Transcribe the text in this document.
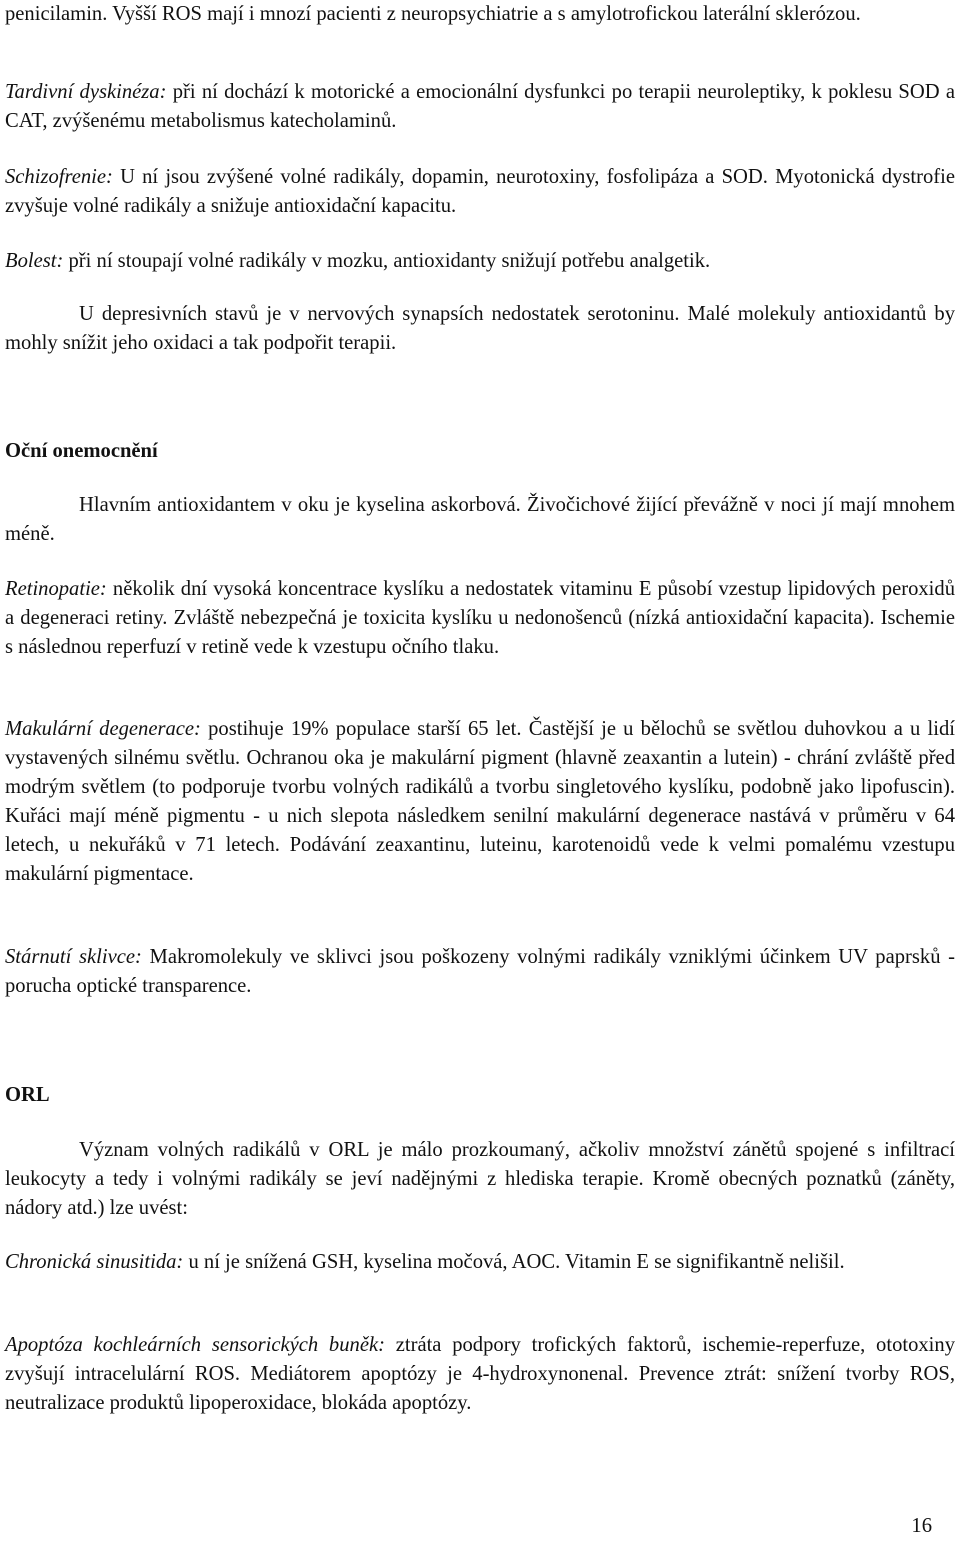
penicilamin. Vyšší ROS mají i mnozí pacienti z neuropsychiatrie a s amylotrofickou laterální sklerózou.

Tardivní dyskinéza: při ní dochází k motorické a emocionální dysfunkci po terapii neuroleptiky, k poklesu SOD a CAT, zvýšenému metabolismus katecholaminů.

Schizofrenie: U ní jsou zvýšené volné radikály, dopamin, neurotoxiny, fosfolipáza a SOD. Myotonická dystrofie zvyšuje volné radikály a snižuje antioxidační kapacitu.

Bolest: při ní stoupají volné radikály v mozku, antioxidanty snižují potřebu analgetik.

U depresivních stavů je v nervových synapsích nedostatek serotoninu. Malé molekuly antioxidantů by mohly snížit jeho oxidaci a tak podpořit terapii.

Oční onemocnění

Hlavním antioxidantem v oku je kyselina askorbová. Živočichové žijící převážně v noci jí mají mnohem méně.

Retinopatie: několik dní vysoká koncentrace kyslíku a nedostatek vitaminu E působí vzestup lipidových peroxidů a degeneraci retiny. Zvláště nebezpečná je toxicita kyslíku u nedonošenců (nízká antioxidační kapacita). Ischemie s následnou reperfuzí v retině vede k vzestupu očního tlaku.

Makulární degenerace: postihuje 19% populace starší 65 let. Častější je u bělochů se světlou duhovkou a u lidí vystavených silnému světlu. Ochranou oka je makulární pigment (hlavně zeaxantin a lutein) - chrání zvláště před modrým světlem (to podporuje tvorbu volných radikálů a tvorbu singletového kyslíku, podobně jako lipofuscin). Kuřáci mají méně pigmentu - u nich slepota následkem senilní makulární degenerace nastává v průměru v 64 letech, u nekuřáků v 71 letech. Podávání zeaxantinu, luteinu, karotenoidů vede k velmi pomalému vzestupu makulární pigmentace.

Stárnutí sklivce: Makromolekuly ve sklivci jsou poškozeny volnými radikály vzniklými účinkem UV paprsků - porucha optické transparence.

ORL

Význam volných radikálů v ORL je málo prozkoumaný, ačkoliv množství zánětů spojené s infiltrací leukocyty a tedy i volnými radikály se jeví nadějnými z hlediska terapie. Kromě obecných poznatků (záněty, nádory atd.) lze uvést:

Chronická sinusitida: u ní je snížená GSH, kyselina močová, AOC. Vitamin E se signifikantně nelišil.

Apoptóza kochleárních sensorických buněk: ztráta podpory trofických faktorů, ischemie-reperfuze, ototoxiny zvyšují intracelulární ROS. Mediátorem apoptózy je 4-hydroxynonenal. Prevence ztrát: snížení tvorby ROS, neutralizace produktů lipoperoxidace, blokáda apoptózy.

16
